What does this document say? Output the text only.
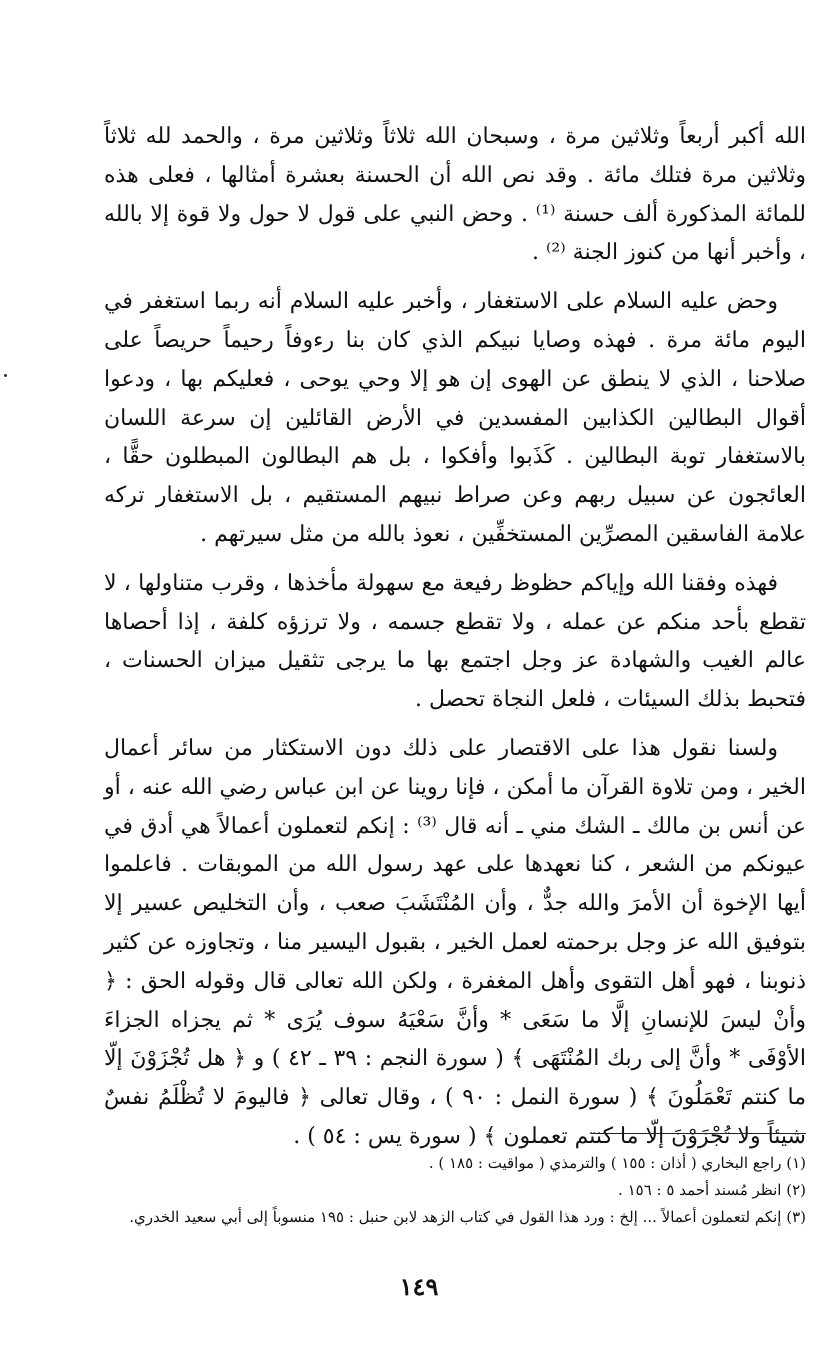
الله أكبر أربعاً وثلاثين مرة ، وسبحان الله ثلاثاً وثلاثين مرة ، والحمد لله ثلاثاً وثلاثين مرة فتلك مائة . وقد نص الله أن الحسنة بعشرة أمثالها ، فعلى هذه للمائة المذكورة ألف حسنة ⁽¹⁾ . وحض النبي على قول لا حول ولا قوة إلا بالله ، وأخبر أنها من كنوز الجنة ⁽²⁾ .

وحض عليه السلام على الاستغفار ، وأخبر عليه السلام أنه ربما استغفر في اليوم مائة مرة . فهذه وصايا نبيكم الذي كان بنا رءوفاً رحيماً حريصاً على صلاحنا ، الذي لا ينطق عن الهوى إن هو إلا وحي يوحى ، فعليكم بها ، ودعوا أقوال البطالين الكذابين المفسدين في الأرض القائلين إن سرعة اللسان بالاستغفار توبة البطالين . كَذَبوا وأفكوا ، بل هم البطالون المبطلون حقًّا ، العائجون عن سبيل ربهم وعن صراط نبيهم المستقيم ، بل الاستغفار تركه علامة الفاسقين المصرِّين المستخفِّين ، نعوذ بالله من مثل سيرتهم .

فهذه وفقنا الله وإياكم حظوظ رفيعة مع سهولة مأخذها ، وقرب متناولها ، لا تقطع بأحد منكم عن عمله ، ولا تقطع جسمه ، ولا ترزؤه كلفة ، إذا أحصاها عالم الغيب والشهادة عز وجل اجتمع بها ما يرجى تثقيل ميزان الحسنات ، فتحبط بذلك السيئات ، فلعل النجاة تحصل .

ولسنا نقول هذا على الاقتصار على ذلك دون الاستكثار من سائر أعمال الخير ، ومن تلاوة القرآن ما أمكن ، فإنا روينا عن ابن عباس رضي الله عنه ، أو عن أنس بن مالك ـ الشك مني ـ أنه قال ⁽³⁾ : إنكم لتعملون أعمالاً هي أدق في عيونكم من الشعر ، كنا نعهدها على عهد رسول الله من الموبقات . فاعلموا أيها الإخوة أن الأمرَ والله جدٌّ ، وأن المُنْتَشَبَ صعب ، وأن التخليص عسير إلا بتوفيق الله عز وجل برحمته لعمل الخير ، بقبول اليسير منا ، وتجاوزه عن كثير ذنوبنا ، فهو أهل التقوى وأهل المغفرة ، ولكن الله تعالى قال وقوله الحق : ﴿ وأنْ ليسَ للإنسانِ إلَّا ما سَعَى * وأنَّ سَعْيَهُ سوف يُرَى * ثم يجزاه الجزاءَ الأوْفَى * وأنَّ إلى ربك المُنْتَهَى ﴾ ( سورة النجم : ٣٩ ـ ٤٢ ) و ﴿ هل تُجْزَوْنَ إلّا ما كنتم تَعْمَلُونَ ﴾ ( سورة النمل : ٩٠ ) ، وقال تعالى ﴿ فاليومَ لا تُظْلَمُ نفسٌ شيئاً ولا تُجْزَوْنَ إلّا ما كنتم تعملون ﴾ ( سورة يس : ٥٤ ) .

(١) راجع البخاري ( أذان : ١٥٥ ) والترمذي ( مواقيت : ١٨٥ ) .

(٢) انظر مُسند أحمد ٥ : ١٥٦ .

(٣) إنكم لتعملون أعمالاً ... إلخ : ورد هذا القول في كتاب الزهد لابن حنبل : ١٩٥ منسوباً إلى أبي سعيد الخدري.

١٤٩
